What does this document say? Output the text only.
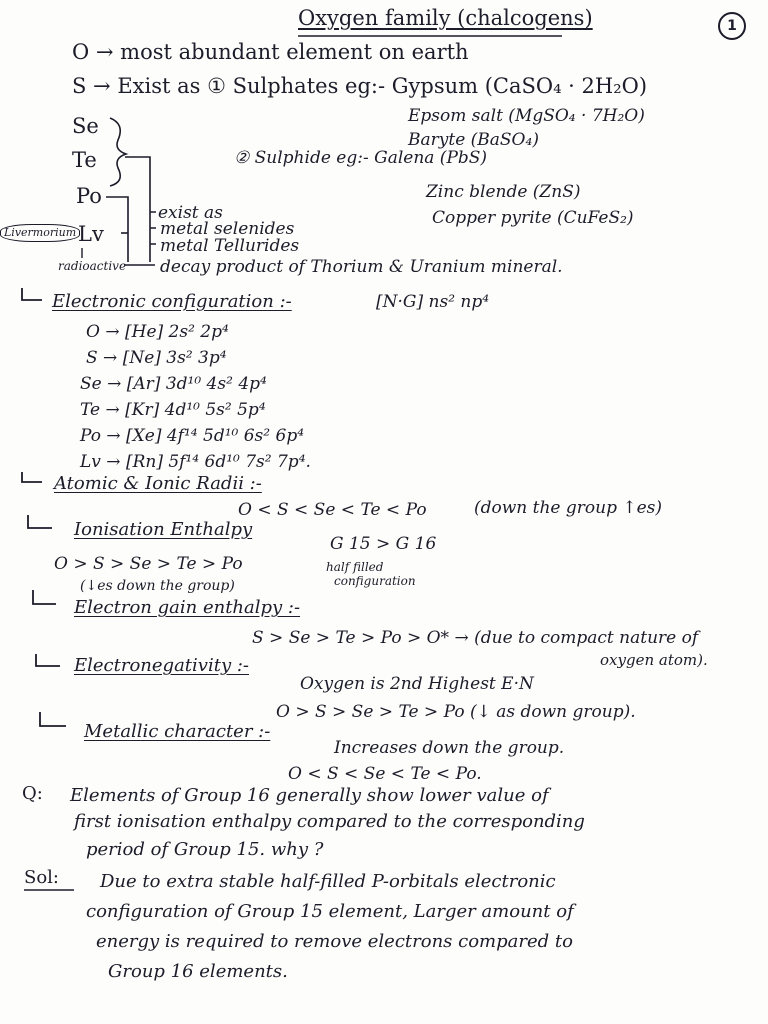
Oxygen family (chalcogens)	1
O → most abundant element on earth
S → Exist as ① Sulphates eg:- Gypsum (CaSO₄ · 2H₂O)
Epsom salt (MgSO₄ · 7H₂O)
Baryte (BaSO₄)
Se
Te	② Sulphide eg:- Galena (PbS)
Zinc blende (ZnS)
Copper pyrite (CuFeS₂)
Po
Livermorium Lv
exist as
metal selenides
metal Tellurides
radioactive decay product of Thorium & Uranium mineral.
Electronic configuration :-	[N·G] ns² np⁴
O → [He] 2s² 2p⁴
S → [Ne] 3s² 3p⁴
Se → [Ar] 3d¹⁰ 4s² 4p⁴
Te → [Kr] 4d¹⁰ 5s² 5p⁴
Po → [Xe] 4f¹⁴ 5d¹⁰ 6s² 6p⁴
Lv → [Rn] 5f¹⁴ 6d¹⁰ 7s² 7p⁴.
Atomic & Ionic Radii :-
O < S < Se < Te < Po	(down the group ↑es)
Ionisation Enthalpy
G 15 > G 16
O > S > Se > Te > Po	half filled
configuration
(↓es down the group)
Electron gain enthalpy :-
S > Se > Te > Po > O* → (due to compact nature of
oxygen atom).
Electronegativity :-
Oxygen is 2nd Highest E·N
O > S > Se > Te > Po (↓ as down group).
Metallic character :-
Increases down the group.
O < S < Se < Te < Po.
Q: Elements of Group 16 generally show lower value of
first ionisation enthalpy compared to the corresponding
period of Group 15. why ?
Sol: Due to extra stable half-filled P-orbitals electronic
configuration of Group 15 element, Larger amount of
energy is required to remove electrons compared to
Group 16 elements.
